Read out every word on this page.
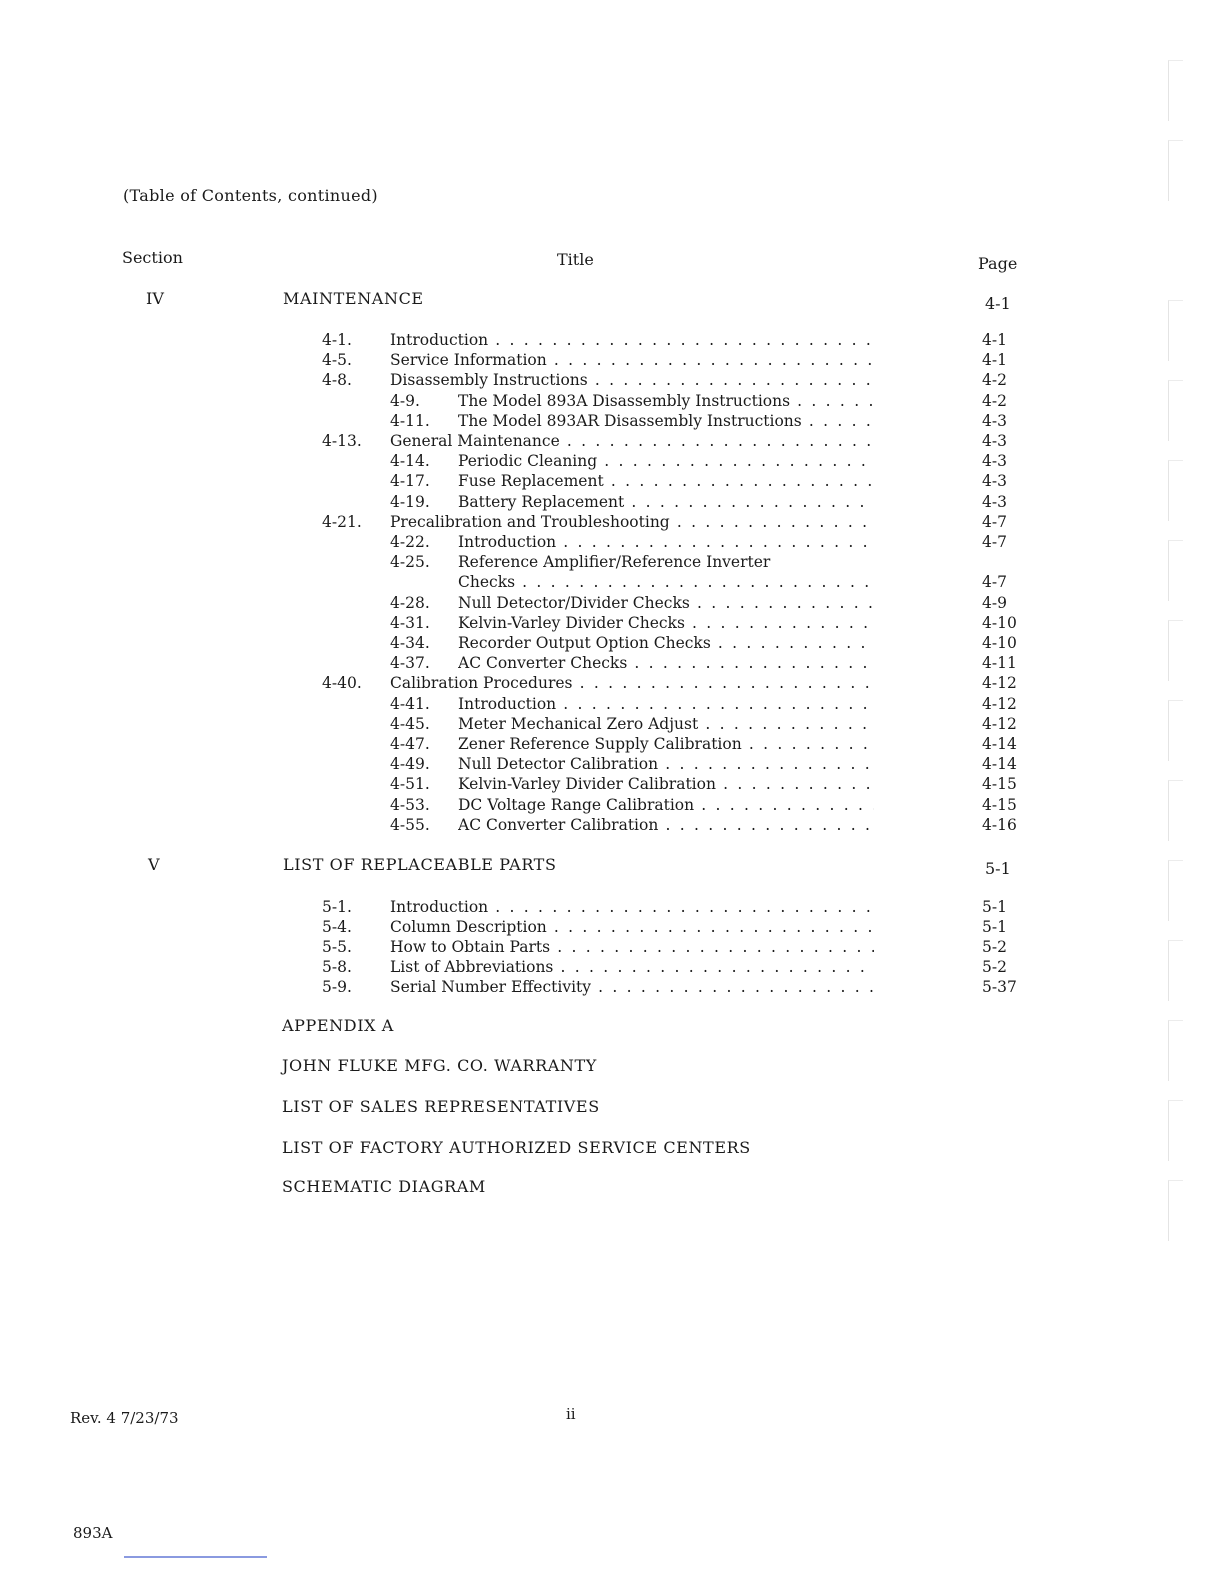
(Table of Contents, continued)
Section	Title	Page
IV	MAINTENANCE	4-1
4-1. Introduction . . .	4-1
4-5. Service Information . . .	4-1
4-8. Disassembly Instructions . . .	4-2
4-9. The Model 893A Disassembly Instructions . . .	4-2
4-11. The Model 893AR Disassembly Instructions . . .	4-3
4-13. General Maintenance . . .	4-3
4-14. Periodic Cleaning . . .	4-3
4-17. Fuse Replacement . . .	4-3
4-19. Battery Replacement . . .	4-3
4-21. Precalibration and Troubleshooting . . .	4-7
4-22. Introduction . . .	4-7
4-25. Reference Amplifier/Reference Inverter
Checks . . .	4-7
4-28. Null Detector/Divider Checks . . .	4-9
4-31. Kelvin-Varley Divider Checks . . .	4-10
4-34. Recorder Output Option Checks . . .	4-10
4-37. AC Converter Checks . . .	4-11
4-40. Calibration Procedures . . .	4-12
4-41. Introduction . . .	4-12
4-45. Meter Mechanical Zero Adjust . . .	4-12
4-47. Zener Reference Supply Calibration . . .	4-14
4-49. Null Detector Calibration . . .	4-14
4-51. Kelvin-Varley Divider Calibration . . .	4-15
4-53. DC Voltage Range Calibration . . .	4-15
4-55. AC Converter Calibration . . .	4-16
V	LIST OF REPLACEABLE PARTS	5-1
5-1. Introduction . . .	5-1
5-4. Column Description . . .	5-1
5-5. How to Obtain Parts . . .	5-2
5-8. List of Abbreviations . . .	5-2
5-9. Serial Number Effectivity . . .	5-37
APPENDIX A
JOHN FLUKE MFG. CO. WARRANTY
LIST OF SALES REPRESENTATIVES
LIST OF FACTORY AUTHORIZED SERVICE CENTERS
SCHEMATIC DIAGRAM
Rev. 4 7/23/73	ii
893A
